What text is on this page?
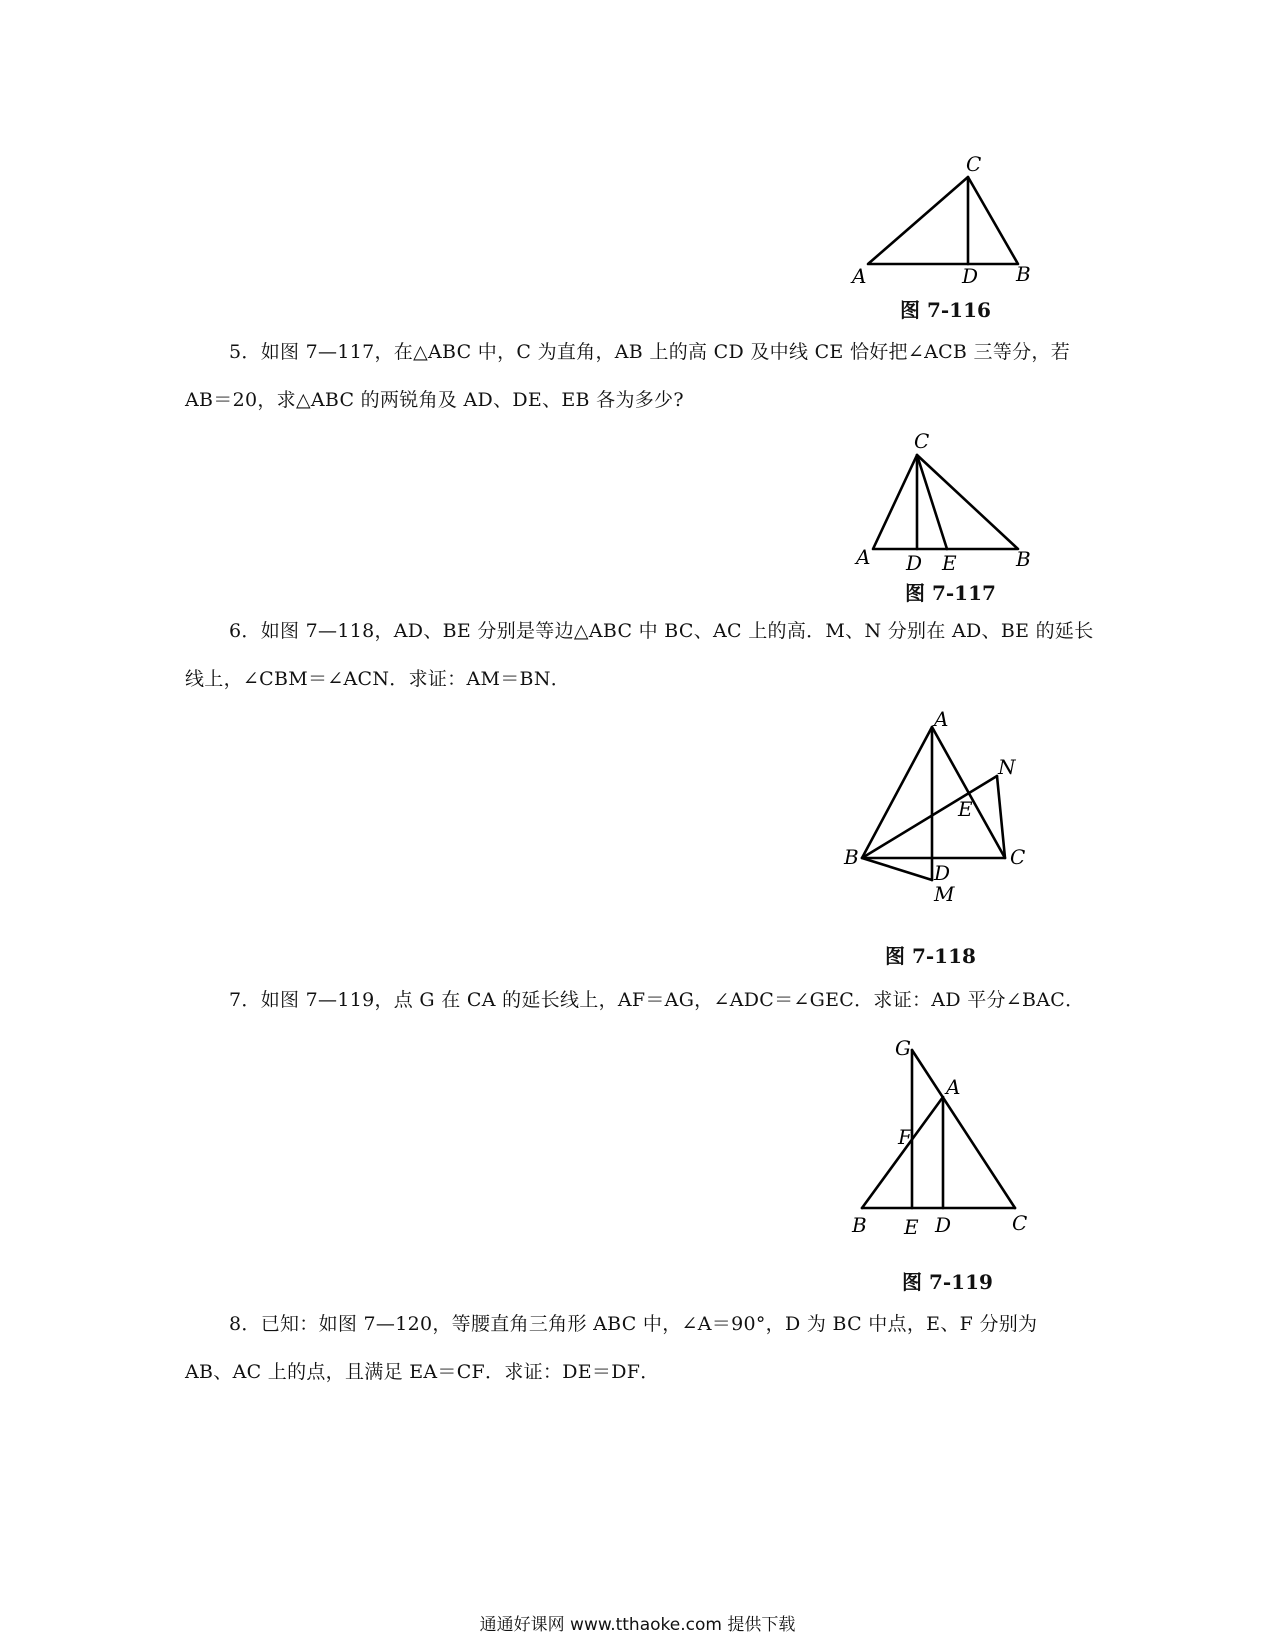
C
A	D B
图 7-116
5．如图 7—117，在△ABC 中，C 为直角，AB 上的高 CD 及中线 CE 恰好把∠ACB 三等分，若
AB＝20，求△ABC 的两锐角及 AD、DE、EB 各为多少?
C
A D E	B
图 7-117
6．如图 7—118，AD、BE 分别是等边△ABC 中 BC、AC 上的高．M、N 分别在 AD、BE 的延长
线上，∠CBM＝∠ACN．求证：AM＝BN．
A
N
E
B	C
D
M
图 7-118
7．如图 7—119，点 G 在 CA 的延长线上，AF＝AG，∠ADC＝∠GEC．求证：AD 平分∠BAC．
G
A
F
B E D	C
图 7-119
8．已知：如图 7—120，等腰直角三角形 ABC 中，∠A＝90°，D 为 BC 中点，E、F 分别为
AB、AC 上的点，且满足 EA＝CF．求证：DE＝DF．
通通好课网 www.tthaoke.com 提供下载
